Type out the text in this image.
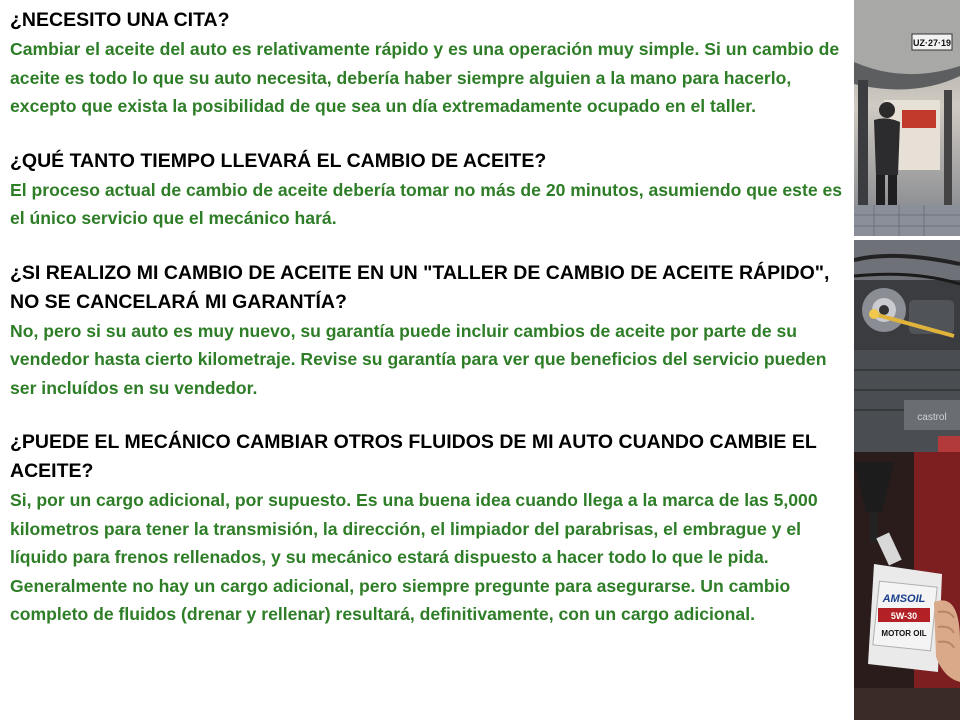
¿NECESITO UNA CITA?

Cambiar el aceite del auto es relativamente rápido y es una operación muy simple. Si un cambio de aceite es todo lo que su auto necesita, debería haber siempre alguien a la mano para hacerlo, excepto que exista la posibilidad de que sea un día extremadamente ocupado en el taller.

¿QUÉ TANTO TIEMPO LLEVARÁ EL CAMBIO DE ACEITE?

El proceso actual de cambio de aceite debería tomar no más de 20 minutos, asumiendo que este es el único servicio que el mecánico hará.

¿SI REALIZO MI CAMBIO DE ACEITE EN UN "TALLER DE CAMBIO DE ACEITE RÁPIDO", NO SE CANCELARÁ MI GARANTÍA?

No, pero si su auto es muy nuevo, su garantía puede incluir cambios de aceite por parte de su vendedor hasta cierto kilometraje. Revise su garantía para ver que beneficios del servicio pueden ser incluídos en su vendedor.

¿PUEDE EL MECÁNICO CAMBIAR OTROS FLUIDOS DE MI AUTO CUANDO CAMBIE EL ACEITE?

Si, por un cargo adicional, por supuesto. Es una buena idea cuando llega a la marca de las 5,000 kilometros para tener la transmisión, la dirección, el limpiador del parabrisas, el embrague y el líquido para frenos rellenados, y su mecánico estará dispuesto a hacer todo lo que le pida. Generalmente no hay un cargo adicional, pero siempre pregunte para asegurarse. Un cambio completo de fluidos (drenar y rellenar) resultará, definitivamente, con un cargo adicional.

UZ·27·19
castrol
AMSOIL
5W-30
MOTOR OIL
